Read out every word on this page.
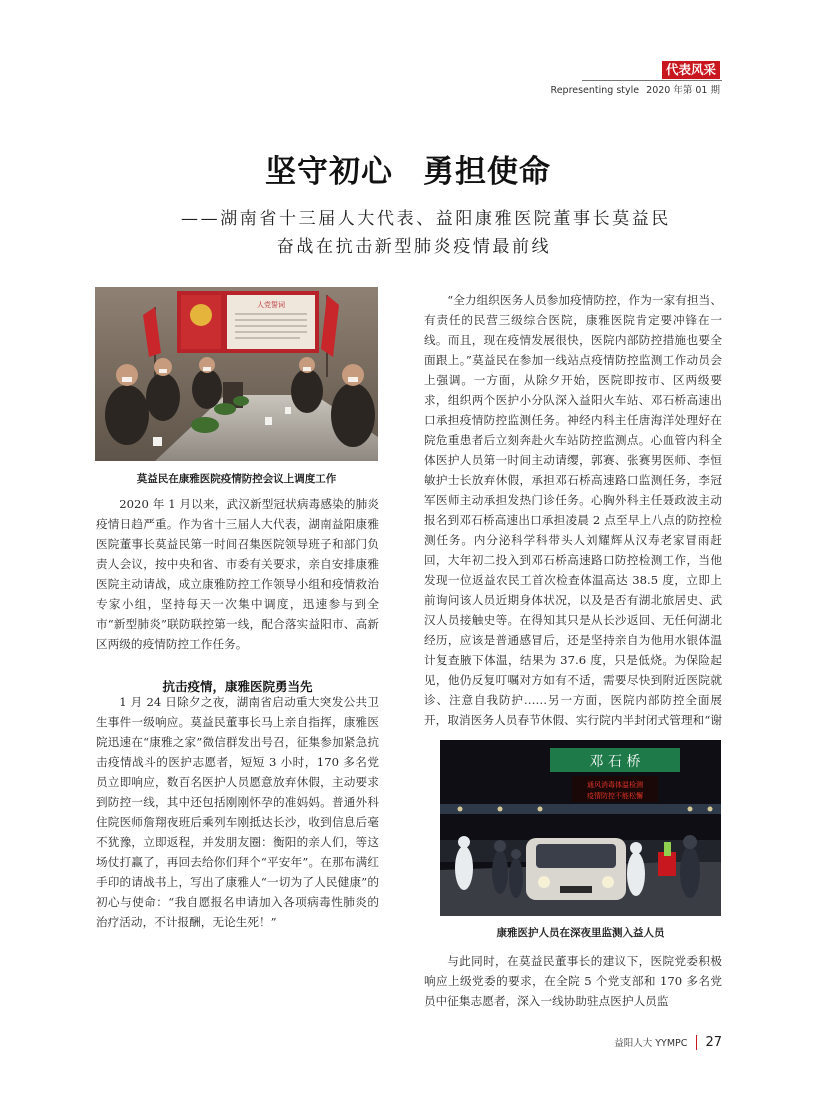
代表风采
Representing style 2020 年第 01 期
坚守初心 勇担使命
——湖南省十三届人大代表、益阳康雅医院董事长莫益民
奋战在抗击新型肺炎疫情最前线
人党誓词
莫益民在康雅医院疫情防控会议上调度工作

2020 年 1 月以来，武汉新型冠状病毒感染的肺炎疫情日趋严重。作为省十三届人大代表，湖南益阳康雅医院董事长莫益民第一时间召集医院领导班子和部门负责人会议，按中央和省、市委有关要求，亲自安排康雅医院主动请战，成立康雅防控工作领导小组和疫情救治专家小组，坚持每天一次集中调度，迅速参与到全市“新型肺炎”联防联控第一线，配合落实益阳市、高新区两级的疫情防控工作任务。

抗击疫情，康雅医院勇当先

1 月 24 日除夕之夜，湖南省启动重大突发公共卫生事件一级响应。莫益民董事长马上亲自指挥，康雅医院迅速在“康雅之家”微信群发出号召，征集参加紧急抗击疫情战斗的医护志愿者，短短 3 小时，170 多名党员立即响应，数百名医护人员愿意放弃休假，主动要求到防控一线，其中还包括刚刚怀孕的准妈妈。普通外科住院医师詹翔夜班后乘列车刚抵达长沙，收到信息后毫不犹豫，立即返程，并发朋友圈：衡阳的亲人们，等这场仗打赢了，再回去给你们拜个“平安年”。在那布满红手印的请战书上，写出了康雅人“一切为了人民健康”的初心与使命：“我自愿报名申请加入各项病毒性肺炎的治疗活动，不计报酬，无论生死！”

“全力组织医务人员参加疫情防控，作为一家有担当、有责任的民营三级综合医院，康雅医院肯定要冲锋在一线。而且，现在疫情发展很快，医院内部防控措施也要全面跟上。”莫益民在参加一线站点疫情防控监测工作动员会上强调。一方面，从除夕开始，医院即按市、区两级要求，组织两个医护小分队深入益阳火车站、邓石桥高速出口承担疫情防控监测任务。神经内科主任唐海洋处理好在院危重患者后立刻奔赴火车站防控监测点。心血管内科全体医护人员第一时间主动请缨，郭赛、张赛男医师、李恒敏护士长放弃休假，承担邓石桥高速路口监测任务，李冠军医师主动承担发热门诊任务。心胸外科主任聂政波主动报名到邓石桥高速出口承担凌晨 2 点至早上八点的防控检测任务。内分泌科学科带头人刘耀辉从汉寿老家冒雨赶回，大年初二投入到邓石桥高速路口防控检测工作，当他发现一位返益农民工首次检查体温高达 38.5 度，立即上前询问该人员近期身体状况，以及是否有湖北旅居史、武汉人员接触史等。在得知其只是从长沙返回、无任何湖北经历，应该是普通感冒后，还是坚持亲自为他用水银体温计复查腋下体温，结果为 37.6 度，只是低烧。为保险起见，他仍反复叮嘱对方如有不适，需要尽快到附近医院就诊、注意自我防护……另一方面，医院内部防控全面展开，取消医务人员春节休假、实行院内半封闭式管理和“谢

邓 石 桥
通风消毒体温检测
疫情防控不能松懈
康雅医护人员在深夜里监测入益人员

与此同时，在莫益民董事长的建议下，医院党委积极响应上级党委的要求，在全院 5 个党支部和 170 多名党员中征集志愿者，深入一线协助驻点医护人员监

益阳人大 YYMPC 27
